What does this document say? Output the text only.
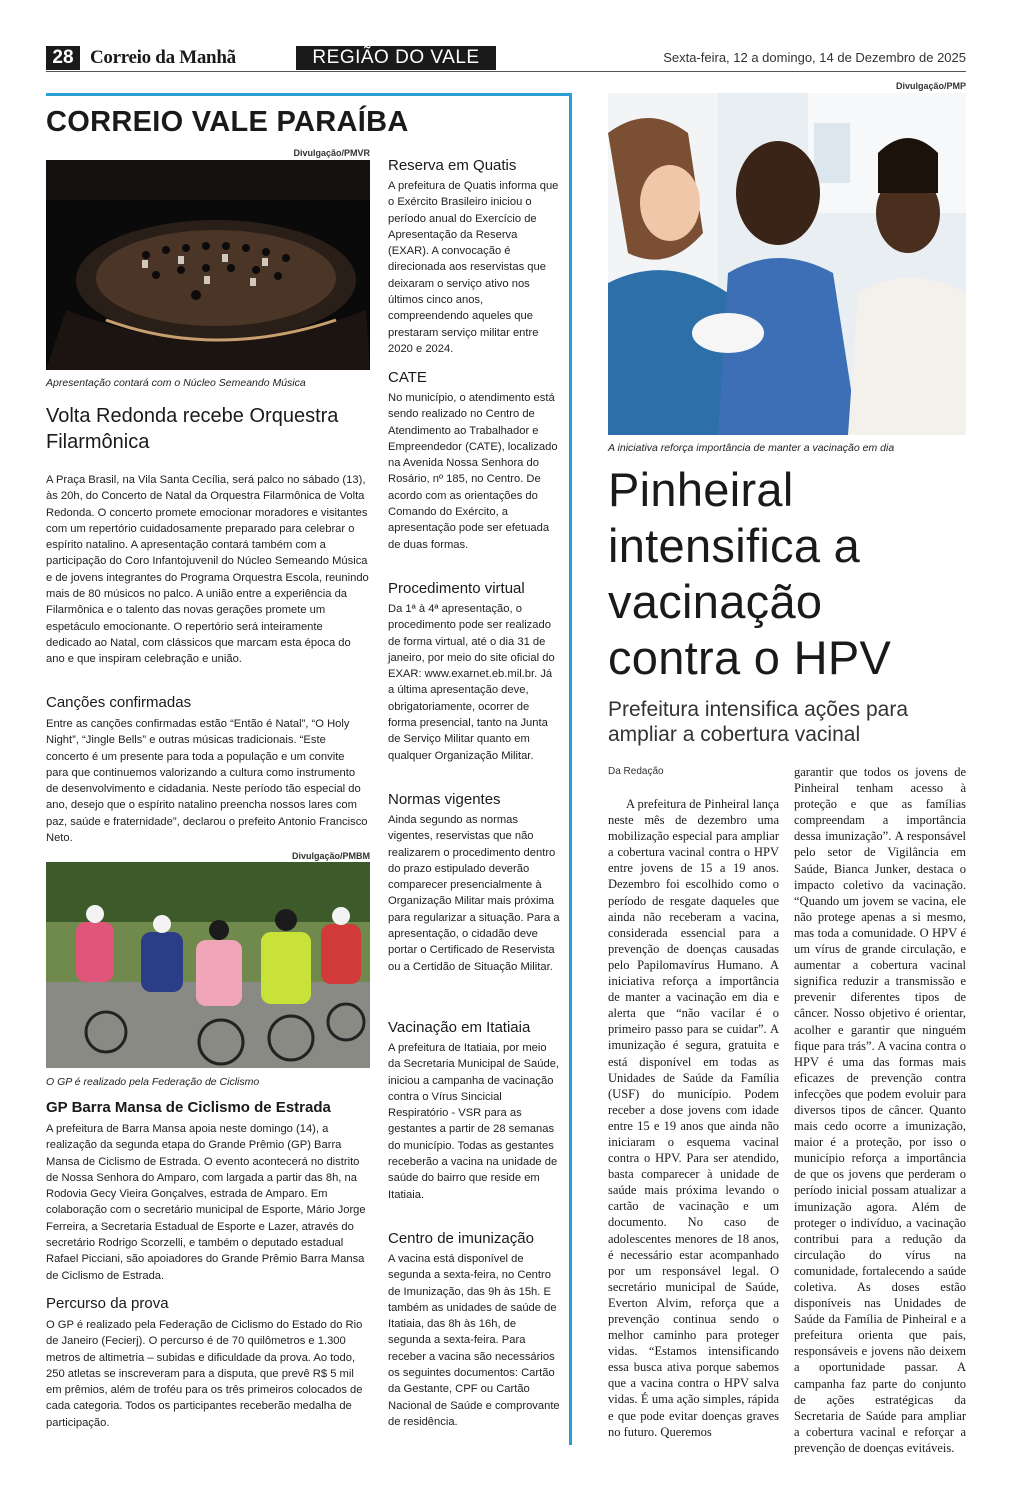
28 Correio da Manhã	REGIÃO DO VALE	Sexta-feira, 12 a domingo, 14 de Dezembro de 2025
CORREIO VALE PARAÍBA
Divulgação/PMVR
Apresentação contará com o Núcleo Semeando Música
Volta Redonda recebe Orquestra Filarmônica
A Praça Brasil, na Vila Santa Cecília, será palco no sábado (13), às 20h, do Concerto de Natal da Orquestra Filarmônica de Volta Redonda. O concerto promete emocionar moradores e visitantes com um repertório cuidadosamente preparado para celebrar o espírito natalino. A apresentação contará também com a participação do Coro Infantojuvenil do Núcleo Semeando Música e de jovens integrantes do Programa Orquestra Escola, reunindo mais de 80 músicos no palco. A união entre a experiência da Filarmônica e o talento das novas gerações promete um espetáculo emocionante. O repertório será inteiramente dedicado ao Natal, com clássicos que marcam esta época do ano e que inspiram celebração e união.
Canções confirmadas
Entre as canções confirmadas estão “Então é Natal”, “O Holy Night”, “Jingle Bells” e outras músicas tradicionais. “Este concerto é um presente para toda a população e um convite para que continuemos valorizando a cultura como instrumento de desenvolvimento e cidadania. Neste período tão especial do ano, desejo que o espírito natalino preencha nossos lares com paz, saúde e fraternidade”, declarou o prefeito Antonio Francisco Neto.
Divulgação/PMBM
O GP é realizado pela Federação de Ciclismo
GP Barra Mansa de Ciclismo de Estrada
A prefeitura de Barra Mansa apoia neste domingo (14), a realização da segunda etapa do Grande Prêmio (GP) Barra Mansa de Ciclismo de Estrada. O evento acontecerá no distrito de Nossa Senhora do Amparo, com largada a partir das 8h, na Rodovia Gecy Vieira Gonçalves, estrada de Amparo. Em colaboração com o secretário municipal de Esporte, Mário Jorge Ferreira, a Secretaria Estadual de Esporte e Lazer, através do secretário Rodrigo Scorzelli, e também o deputado estadual Rafael Picciani, são apoiadores do Grande Prêmio Barra Mansa de Ciclismo de Estrada.
Percurso da prova
O GP é realizado pela Federação de Ciclismo do Estado do Rio de Janeiro (Fecierj). O percurso é de 70 quilômetros e 1.300 metros de altimetria – subidas e dificuldade da prova. Ao todo, 250 atletas se inscreveram para a disputa, que prevê R$ 5 mil em prêmios, além de troféu para os três primeiros colocados de cada categoria. Todos os participantes receberão medalha de participação.
Reserva em Quatis
A prefeitura de Quatis informa que o Exército Brasileiro iniciou o período anual do Exercício de Apresentação da Reserva (EXAR). A convocação é direcionada aos reservistas que deixaram o serviço ativo nos últimos cinco anos, compreendendo aqueles que prestaram serviço militar entre 2020 e 2024.
CATE
No município, o atendimento está sendo realizado no Centro de Atendimento ao Trabalhador e Empreendedor (CATE), localizado na Avenida Nossa Senhora do Rosário, nº 185, no Centro. De acordo com as orientações do Comando do Exército, a apresentação pode ser efetuada de duas formas.
Procedimento virtual
Da 1ª à 4ª apresentação, o procedimento pode ser realizado de forma virtual, até o dia 31 de janeiro, por meio do site oficial do EXAR: www.exarnet.eb.mil.br. Já a última apresentação deve, obrigatoriamente, ocorrer de forma presencial, tanto na Junta de Serviço Militar quanto em qualquer Organização Militar.
Normas vigentes
Ainda segundo as normas vigentes, reservistas que não realizarem o procedimento dentro do prazo estipulado deverão comparecer presencialmente à Organização Militar mais próxima para regularizar a situação. Para a apresentação, o cidadão deve portar o Certificado de Reservista ou a Certidão de Situação Militar.
Vacinação em Itatiaia
A prefeitura de Itatiaia, por meio da Secretaria Municipal de Saúde, iniciou a campanha de vacinação contra o Vírus Sincicial Respiratório - VSR para as gestantes a partir de 28 semanas do município. Todas as gestantes receberão a vacina na unidade de saúde do bairro que reside em Itatiaia.
Centro de imunização
A vacina está disponível de segunda a sexta-feira, no Centro de Imunização, das 9h às 15h. E também as unidades de saúde de Itatiaia, das 8h às 16h, de segunda a sexta-feira. Para receber a vacina são necessários os seguintes documentos: Cartão da Gestante, CPF ou Cartão Nacional de Saúde e comprovante de residência.
Divulgação/PMP
A iniciativa reforça importância de manter a vacinação em dia
Pinheiral intensifica a vacinação contra o HPV
Prefeitura intensifica ações para ampliar a cobertura vacinal
Da Redação
A prefeitura de Pinheiral lança neste mês de dezembro uma mobilização especial para ampliar a cobertura vacinal contra o HPV entre jovens de 15 a 19 anos. Dezembro foi escolhido como o período de resgate daqueles que ainda não receberam a vacina, considerada essencial para a prevenção de doenças causadas pelo Papilomavírus Humano. A iniciativa reforça a importância de manter a vacinação em dia e alerta que “não vacilar é o primeiro passo para se cuidar”. A imunização é segura, gratuita e está disponível em todas as Unidades de Saúde da Família (USF) do município. Podem receber a dose jovens com idade entre 15 e 19 anos que ainda não iniciaram o esquema vacinal contra o HPV. Para ser atendido, basta comparecer à unidade de saúde mais próxima levando o cartão de vacinação e um documento. No caso de adolescentes menores de 18 anos, é necessário estar acompanhado por um responsável legal. O secretário municipal de Saúde, Everton Alvim, reforça que a prevenção continua sendo o melhor caminho para proteger vidas. “Estamos intensificando essa busca ativa porque sabemos que a vacina contra o HPV salva vidas. É uma ação simples, rápida e que pode evitar doenças graves no futuro. Queremos
garantir que todos os jovens de Pinheiral tenham acesso à proteção e que as famílias compreendam a importância dessa imunização”. A responsável pelo setor de Vigilância em Saúde, Bianca Junker, destaca o impacto coletivo da vacinação. “Quando um jovem se vacina, ele não protege apenas a si mesmo, mas toda a comunidade. O HPV é um vírus de grande circulação, e aumentar a cobertura vacinal significa reduzir a transmissão e prevenir diferentes tipos de câncer. Nosso objetivo é orientar, acolher e garantir que ninguém fique para trás”. A vacina contra o HPV é uma das formas mais eficazes de prevenção contra infecções que podem evoluir para diversos tipos de câncer. Quanto mais cedo ocorre a imunização, maior é a proteção, por isso o município reforça a importância de que os jovens que perderam o período inicial possam atualizar a imunização agora. Além de proteger o indivíduo, a vacinação contribui para a redução da circulação do vírus na comunidade, fortalecendo a saúde coletiva. As doses estão disponíveis nas Unidades de Saúde da Família de Pinheiral e a prefeitura orienta que pais, responsáveis e jovens não deixem a oportunidade passar. A campanha faz parte do conjunto de ações estratégicas da Secretaria de Saúde para ampliar a cobertura vacinal e reforçar a prevenção de doenças evitáveis.
